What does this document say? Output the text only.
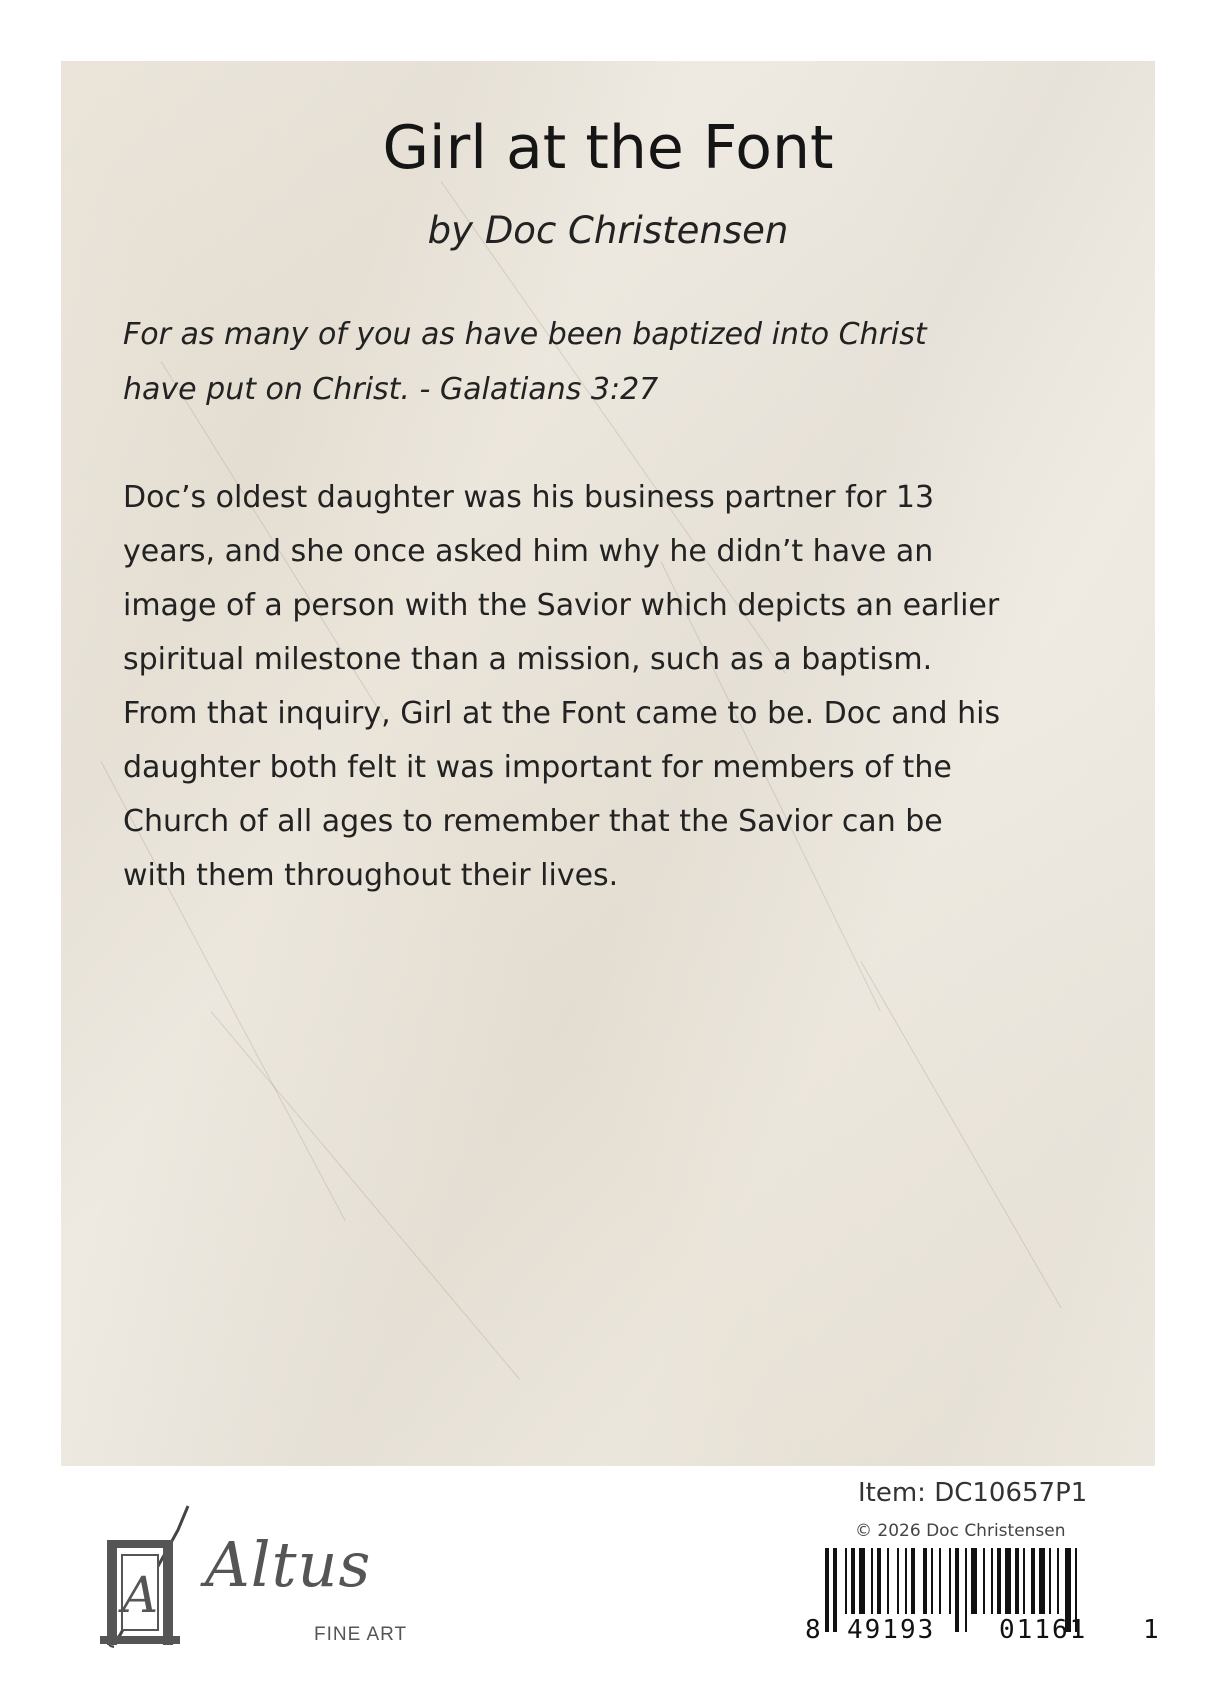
Girl at the Font
by Doc Christensen

For as many of you as have been baptized into Christ
have put on Christ. - Galatians 3:27

Doc’s oldest daughter was his business partner for 13
years, and she once asked him why he didn’t have an
image of a person with the Savior which depicts an earlier
spiritual milestone than a mission, such as a baptism.
From that inquiry, Girl at the Font came to be. Doc and his
daughter both felt it was important for members of the
Church of all ages to remember that the Savior can be
with them throughout their lives.

A Altus
FINE ART
Item: DC10657P1
© 2026 Doc Christensen
8 49193 01161 1
